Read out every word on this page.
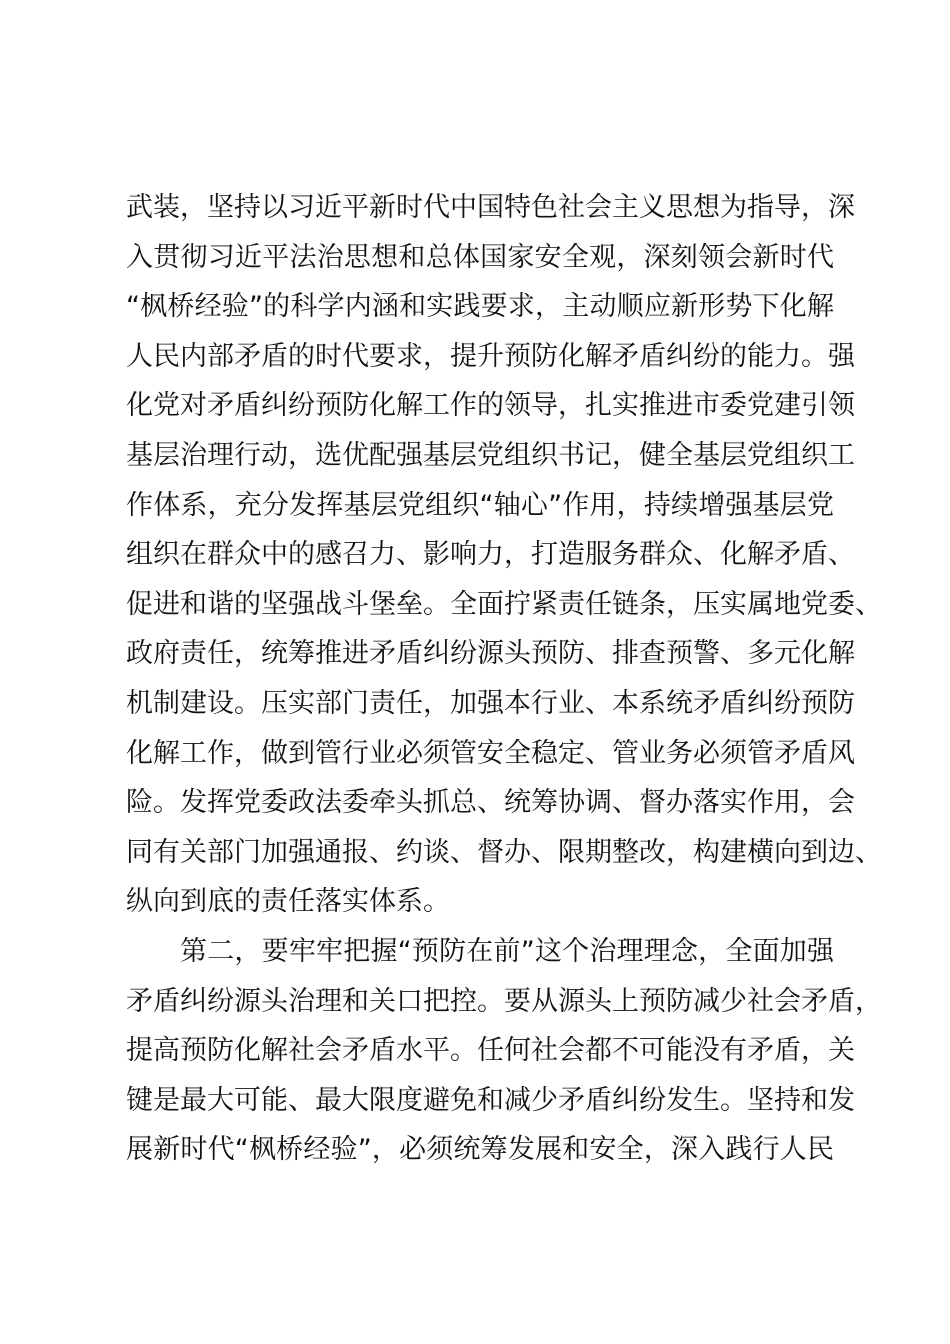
武装，坚持以习近平新时代中国特色社会主义思想为指导，深
入贯彻习近平法治思想和总体国家安全观，深刻领会新时代
“枫桥经验”的科学内涵和实践要求，主动顺应新形势下化解
人民内部矛盾的时代要求，提升预防化解矛盾纠纷的能力。强
化党对矛盾纠纷预防化解工作的领导，扎实推进市委党建引领
基层治理行动，选优配强基层党组织书记，健全基层党组织工
作体系，充分发挥基层党组织“轴心”作用，持续增强基层党
组织在群众中的感召力、影响力，打造服务群众、化解矛盾、
促进和谐的坚强战斗堡垒。全面拧紧责任链条，压实属地党委、
政府责任，统筹推进矛盾纠纷源头预防、排查预警、多元化解
机制建设。压实部门责任，加强本行业、本系统矛盾纠纷预防
化解工作，做到管行业必须管安全稳定、管业务必须管矛盾风
险。发挥党委政法委牵头抓总、统筹协调、督办落实作用，会
同有关部门加强通报、约谈、督办、限期整改，构建横向到边、
纵向到底的责任落实体系。
第二，要牢牢把握“预防在前”这个治理理念，全面加强
矛盾纠纷源头治理和关口把控。要从源头上预防减少社会矛盾，
提高预防化解社会矛盾水平。任何社会都不可能没有矛盾，关
键是最大可能、最大限度避免和减少矛盾纠纷发生。坚持和发
展新时代“枫桥经验”，必须统筹发展和安全，深入践行人民
